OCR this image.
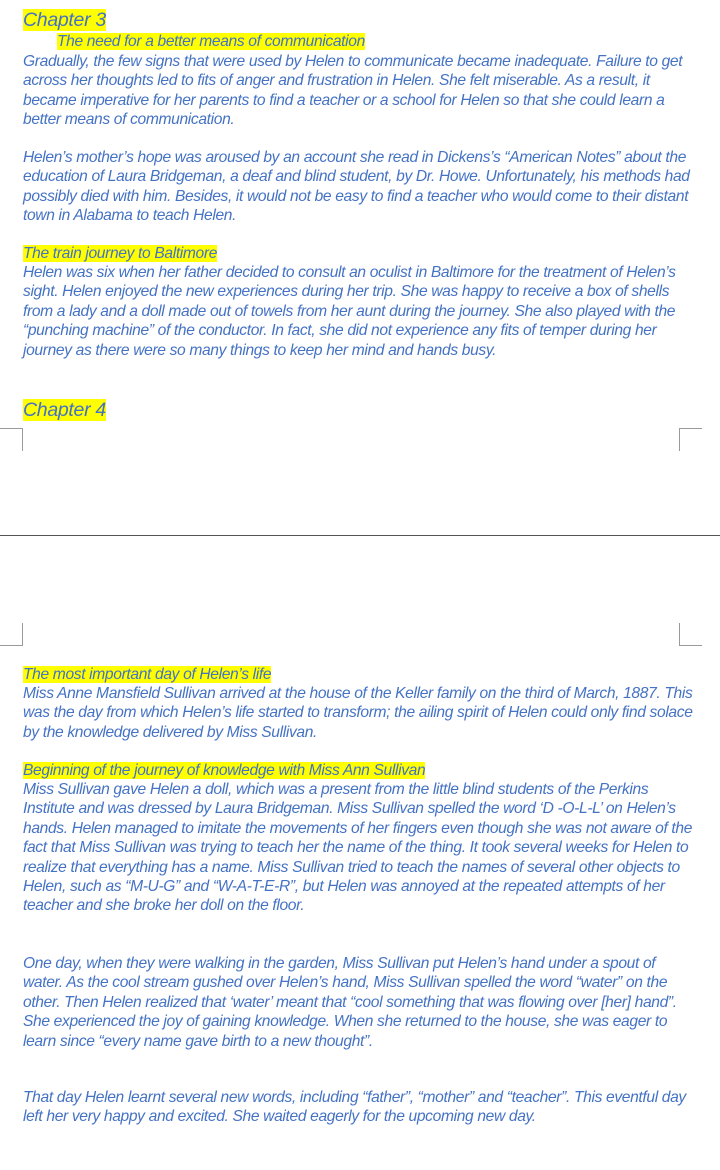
Chapter 3
The need for a better means of communication

Gradually, the few signs that were used by Helen to communicate became inadequate. Failure to get across her thoughts led to fits of anger and frustration in Helen. She felt miserable. As a result, it became imperative for her parents to find a teacher or a school for Helen so that she could learn a better means of communication.

Helen’s mother’s hope was aroused by an account she read in Dickens’s “American Notes” about the education of Laura Bridgeman, a deaf and blind student, by Dr. Howe. Unfortunately, his methods had possibly died with him. Besides, it would not be easy to find a teacher who would come to their distant town in Alabama to teach Helen.

The train journey to Baltimore

Helen was six when her father decided to consult an oculist in Baltimore for the treatment of Helen’s sight. Helen enjoyed the new experiences during her trip. She was happy to receive a box of shells from a lady and a doll made out of towels from her aunt during the journey. She also played with the “punching machine” of the conductor. In fact, she did not experience any fits of temper during her journey as there were so many things to keep her mind and hands busy.

Chapter 4
The most important day of Helen’s life

Miss Anne Mansfield Sullivan arrived at the house of the Keller family on the third of March, 1887. This was the day from which Helen’s life started to transform; the ailing spirit of Helen could only find solace by the knowledge delivered by Miss Sullivan.

Beginning of the journey of knowledge with Miss Ann Sullivan

Miss Sullivan gave Helen a doll, which was a present from the little blind students of the Perkins Institute and was dressed by Laura Bridgeman. Miss Sullivan spelled the word ‘D -O-L-L’ on Helen’s hands. Helen managed to imitate the movements of her fingers even though she was not aware of the fact that Miss Sullivan was trying to teach her the name of the thing. It took several weeks for Helen to realize that everything has a name. Miss Sullivan tried to teach the names of several other objects to Helen, such as “M-U-G” and “W-A-T-E-R”, but Helen was annoyed at the repeated attempts of her teacher and she broke her doll on the floor.

One day, when they were walking in the garden, Miss Sullivan put Helen’s hand under a spout of water. As the cool stream gushed over Helen’s hand, Miss Sullivan spelled the word “water” on the other. Then Helen realized that ‘water’ meant that “cool something that was flowing over [her] hand”. She experienced the joy of gaining knowledge. When she returned to the house, she was eager to learn since “every name gave birth to a new thought”.

That day Helen learnt several new words, including “father”, “mother” and “teacher”. This eventful day left her very happy and excited. She waited eagerly for the upcoming new day.
